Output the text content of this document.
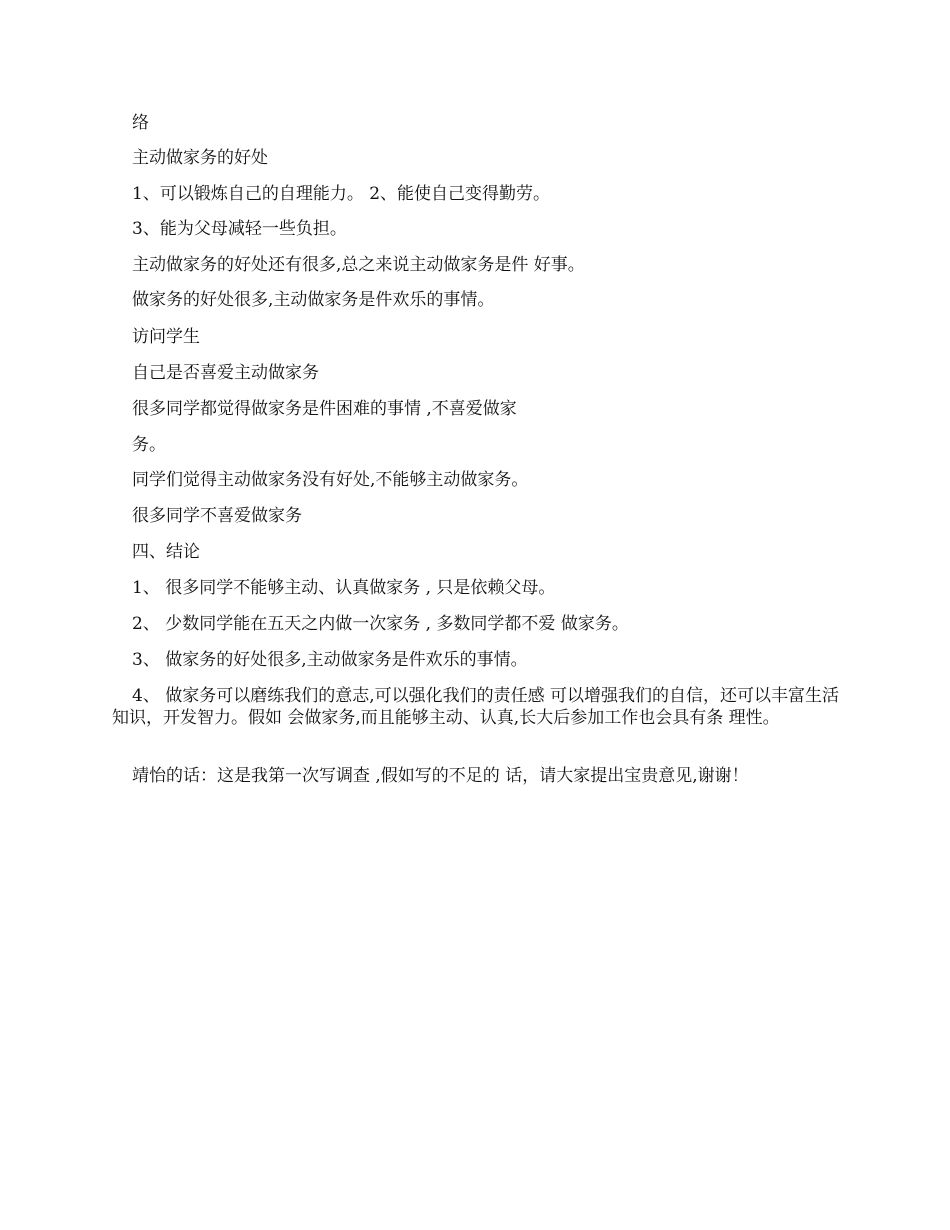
络
主动做家务的好处
1、可以锻炼自己的自理能力。 2、能使自己变得勤劳。
3、能为父母减轻一些负担。
主动做家务的好处还有很多,总之来说主动做家务是件 好事。
做家务的好处很多,主动做家务是件欢乐的事情。
访问学生
自己是否喜爱主动做家务
很多同学都觉得做家务是件困难的事情 ,不喜爱做家
务。
同学们觉得主动做家务没有好处,不能够主动做家务。
很多同学不喜爱做家务
四、结论
1、 很多同学不能够主动、认真做家务 , 只是依赖父母。
2、 少数同学能在五天之内做一次家务 , 多数同学都不爱 做家务。
3、 做家务的好处很多,主动做家务是件欢乐的事情。
4、 做家务可以磨练我们的意志,可以强化我们的责任感 可以增强我们的自信，还可以丰富生活知识，开发智力。假如 会做家务,而且能够主动、认真,长大后参加工作也会具有条 理性。
靖怡的话：这是我第一次写调查 ,假如写的不足的 话，请大家提出宝贵意见,谢谢！
